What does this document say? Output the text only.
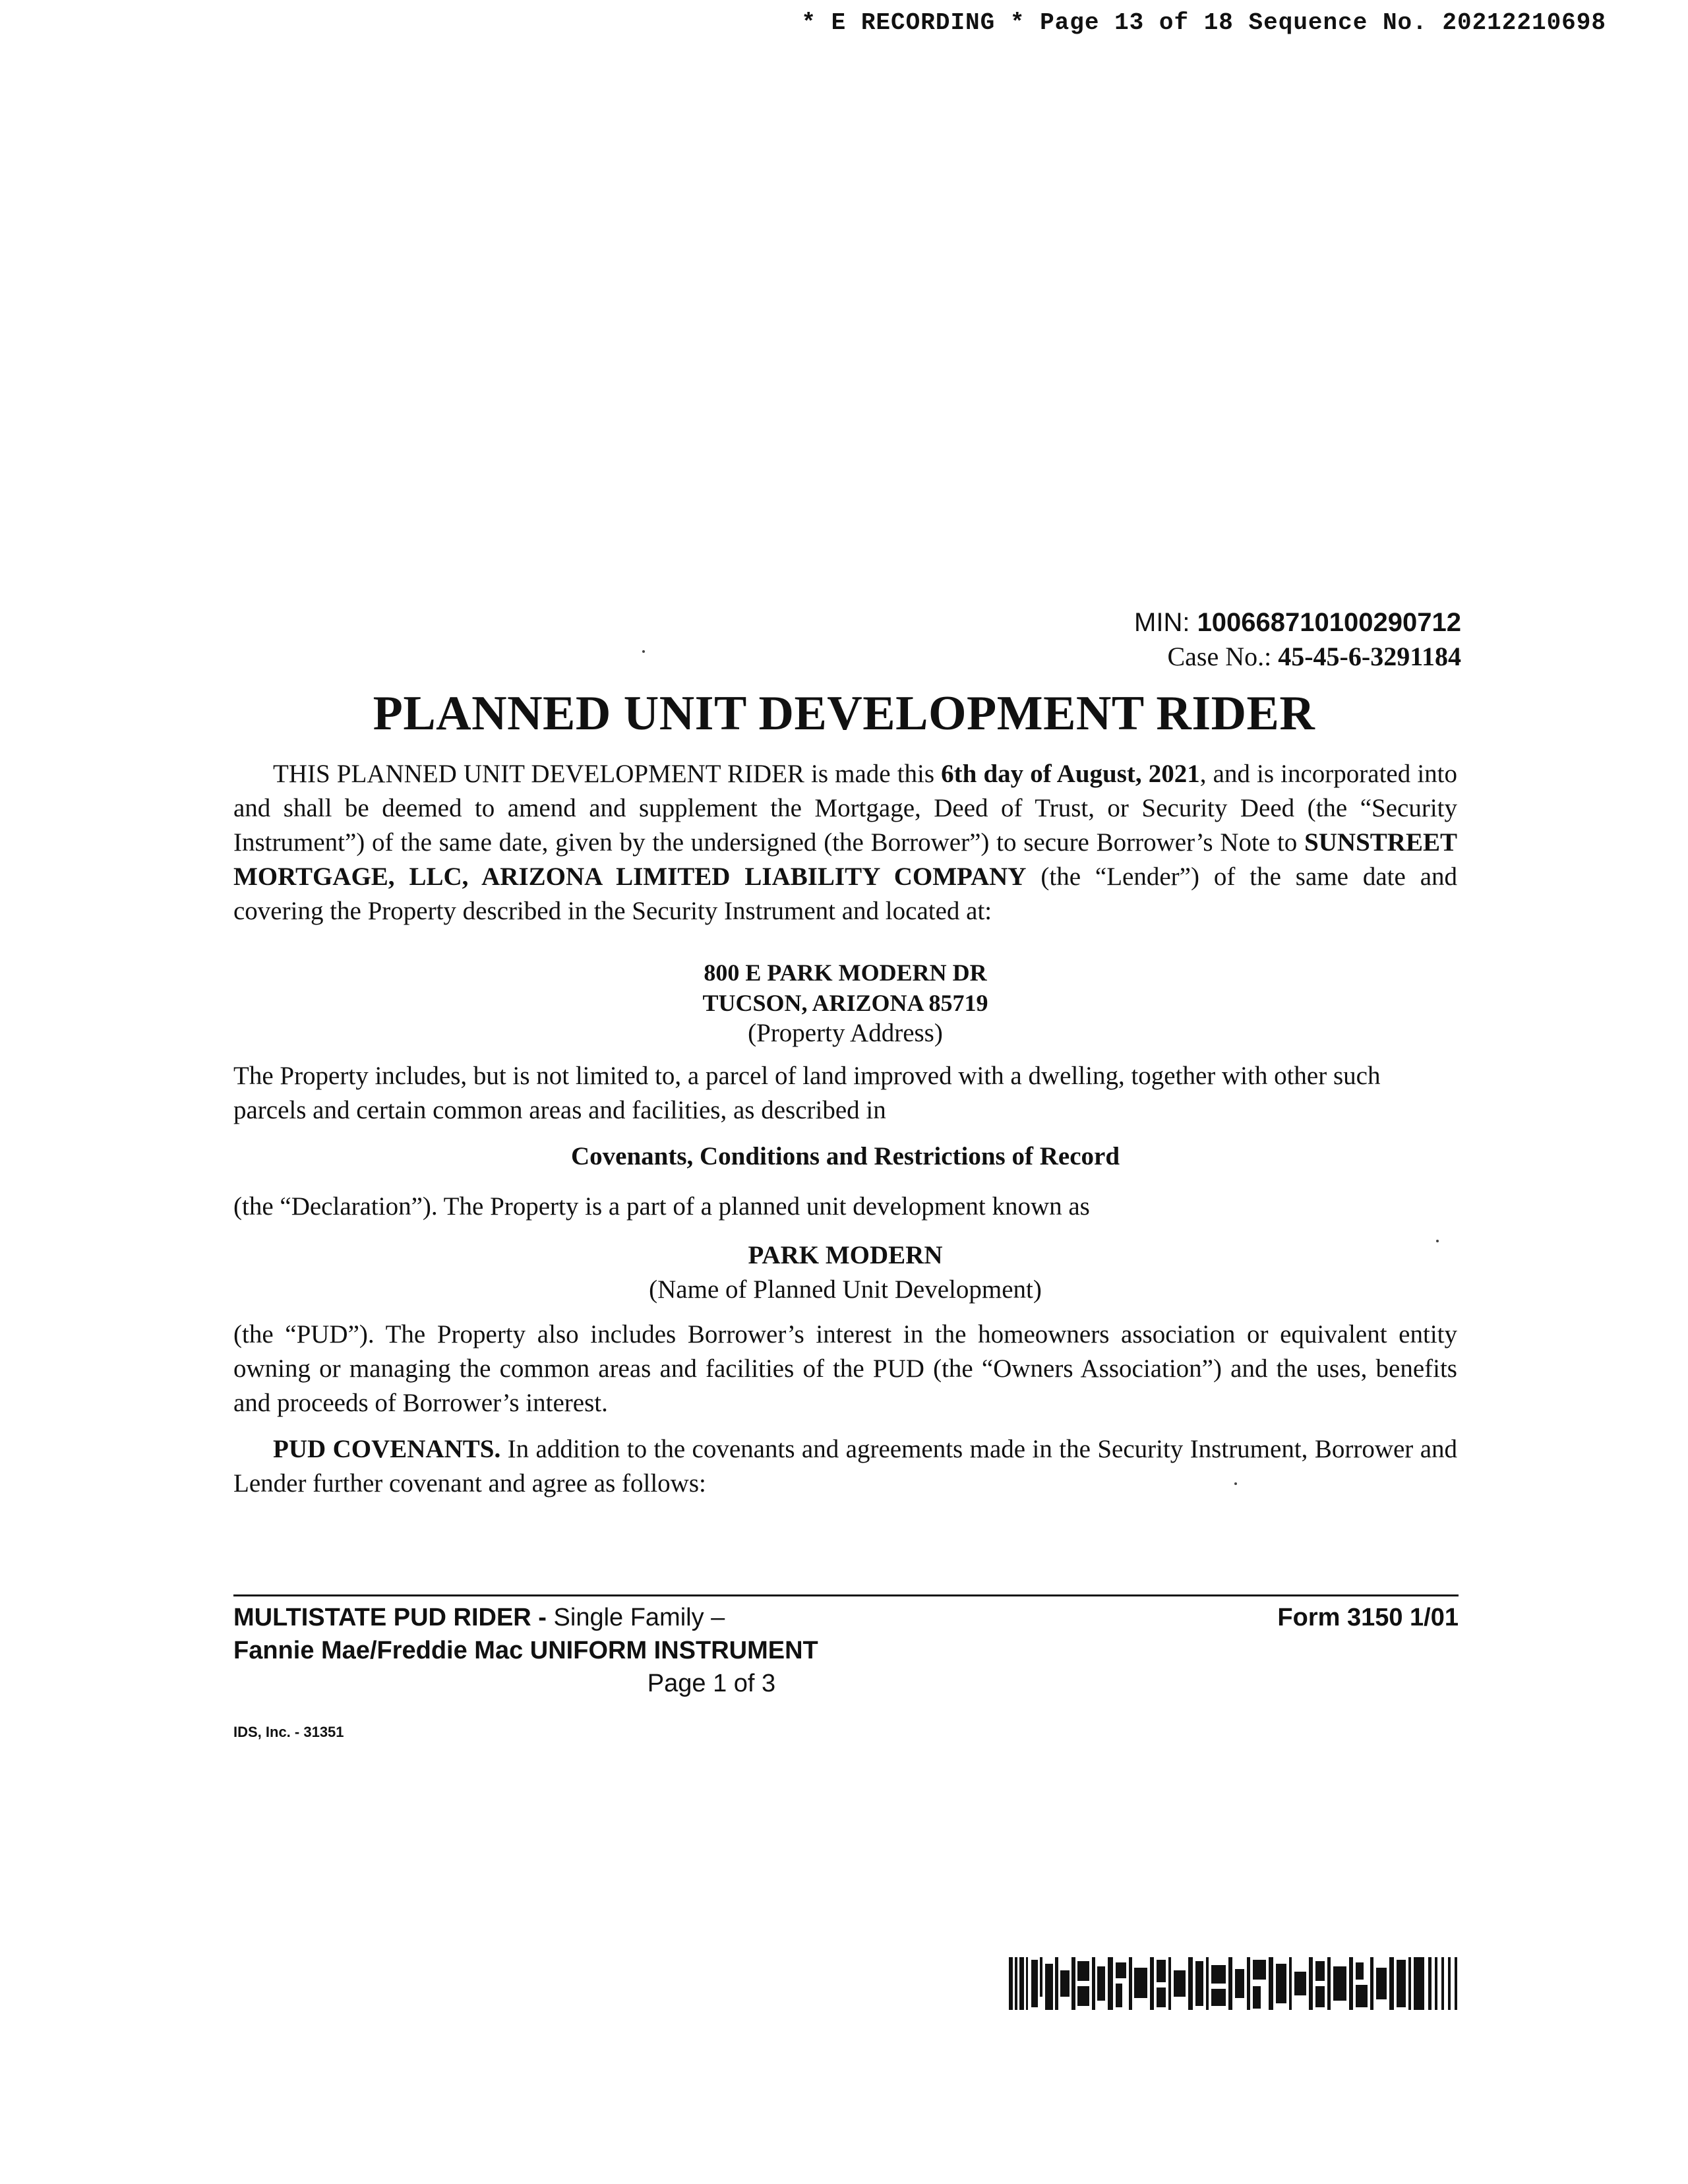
* E RECORDING * Page 13 of 18 Sequence No. 20212210698
MIN: 100668710100290712
Case No.: 45-45-6-3291184
PLANNED UNIT DEVELOPMENT RIDER

THIS PLANNED UNIT DEVELOPMENT RIDER is made this 6th day of August, 2021, and is incorporated into and shall be deemed to amend and supplement the Mortgage, Deed of Trust, or Security Deed (the “Security Instrument”) of the same date, given by the undersigned (the Borrower”) to secure Borrower’s Note to SUNSTREET MORTGAGE, LLC, ARIZONA LIMITED LIABILITY COMPANY (the “Lender”) of the same date and covering the Property described in the Security Instrument and located at:

800 E PARK MODERN DR
TUCSON, ARIZONA 85719
(Property Address)

The Property includes, but is not limited to, a parcel of land improved with a dwelling, together with other such parcels and certain common areas and facilities, as described in

Covenants, Conditions and Restrictions of Record
(the “Declaration”). The Property is a part of a planned unit development known as
PARK MODERN
(Name of Planned Unit Development)

(the “PUD”). The Property also includes Borrower’s interest in the homeowners association or equivalent entity owning or managing the common areas and facilities of the PUD (the “Owners Association”) and the uses, benefits and proceeds of Borrower’s interest.

PUD COVENANTS. In addition to the covenants and agreements made in the Security Instrument, Borrower and Lender further covenant and agree as follows:

MULTISTATE PUD RIDER - Single Family –
Fannie Mae/Freddie Mac UNIFORM INSTRUMENT
Form 3150 1/01
Page 1 of 3
IDS, Inc. - 31351
